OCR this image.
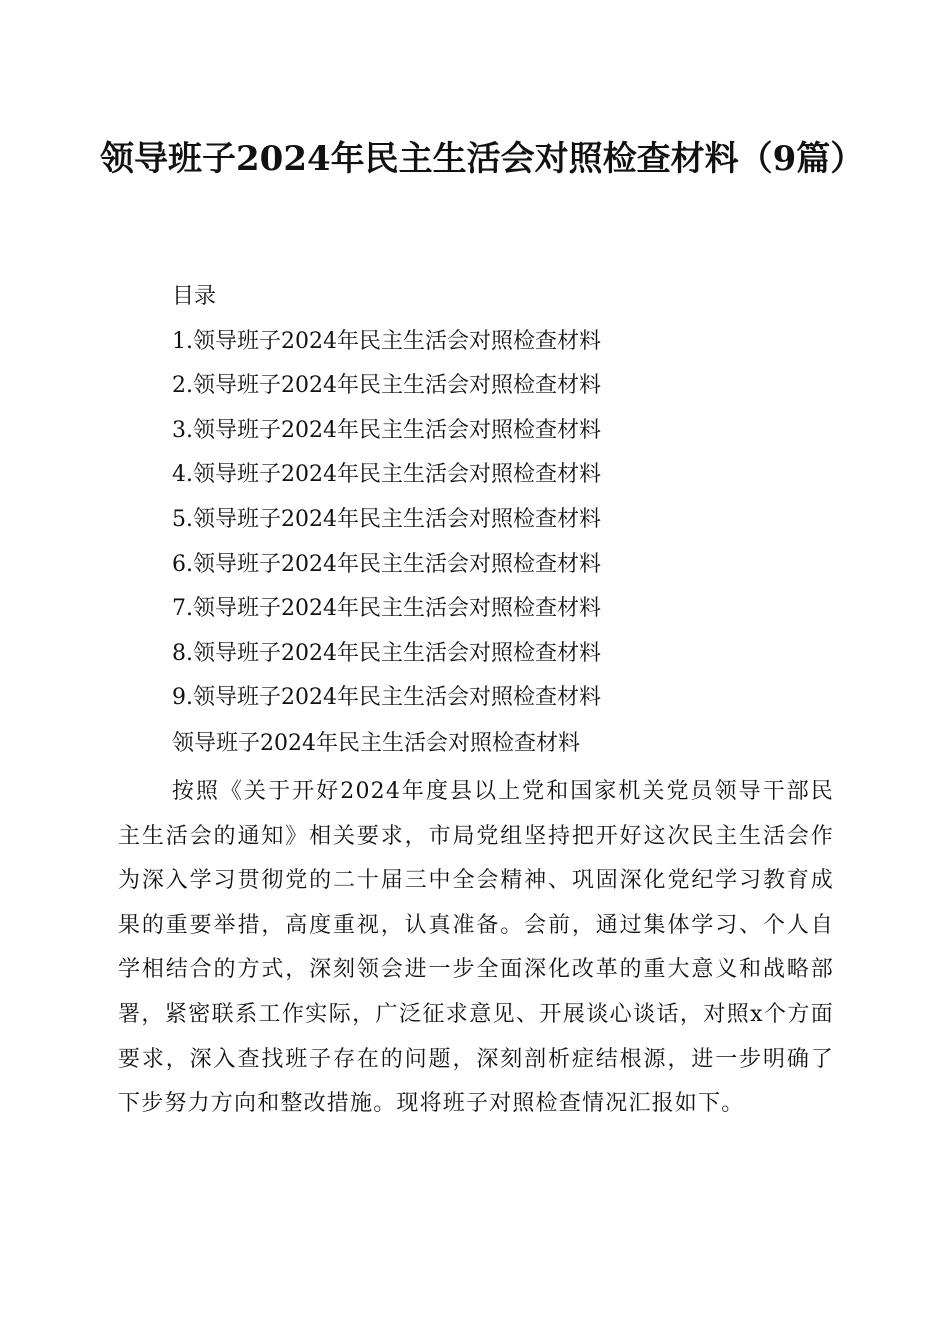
领导班子2024年民主生活会对照检查材料（9篇）
目录
1.领导班子2024年民主生活会对照检查材料
2.领导班子2024年民主生活会对照检查材料
3.领导班子2024年民主生活会对照检查材料
4.领导班子2024年民主生活会对照检查材料
5.领导班子2024年民主生活会对照检查材料
6.领导班子2024年民主生活会对照检查材料
7.领导班子2024年民主生活会对照检查材料
8.领导班子2024年民主生活会对照检查材料
9.领导班子2024年民主生活会对照检查材料
领导班子2024年民主生活会对照检查材料

按照《关于开好2024年度县以上党和国家机关党员领导干部民主生活会的通知》相关要求，市局党组坚持把开好这次民主生活会作为深入学习贯彻党的二十届三中全会精神、巩固深化党纪学习教育成果的重要举措，高度重视，认真准备。会前，通过集体学习、个人自学相结合的方式，深刻领会进一步全面深化改革的重大意义和战略部署，紧密联系工作实际，广泛征求意见、开展谈心谈话，对照x个方面要求，深入查找班子存在的问题，深刻剖析症结根源，进一步明确了下步努力方向和整改措施。现将班子对照检查情况汇报如下。
